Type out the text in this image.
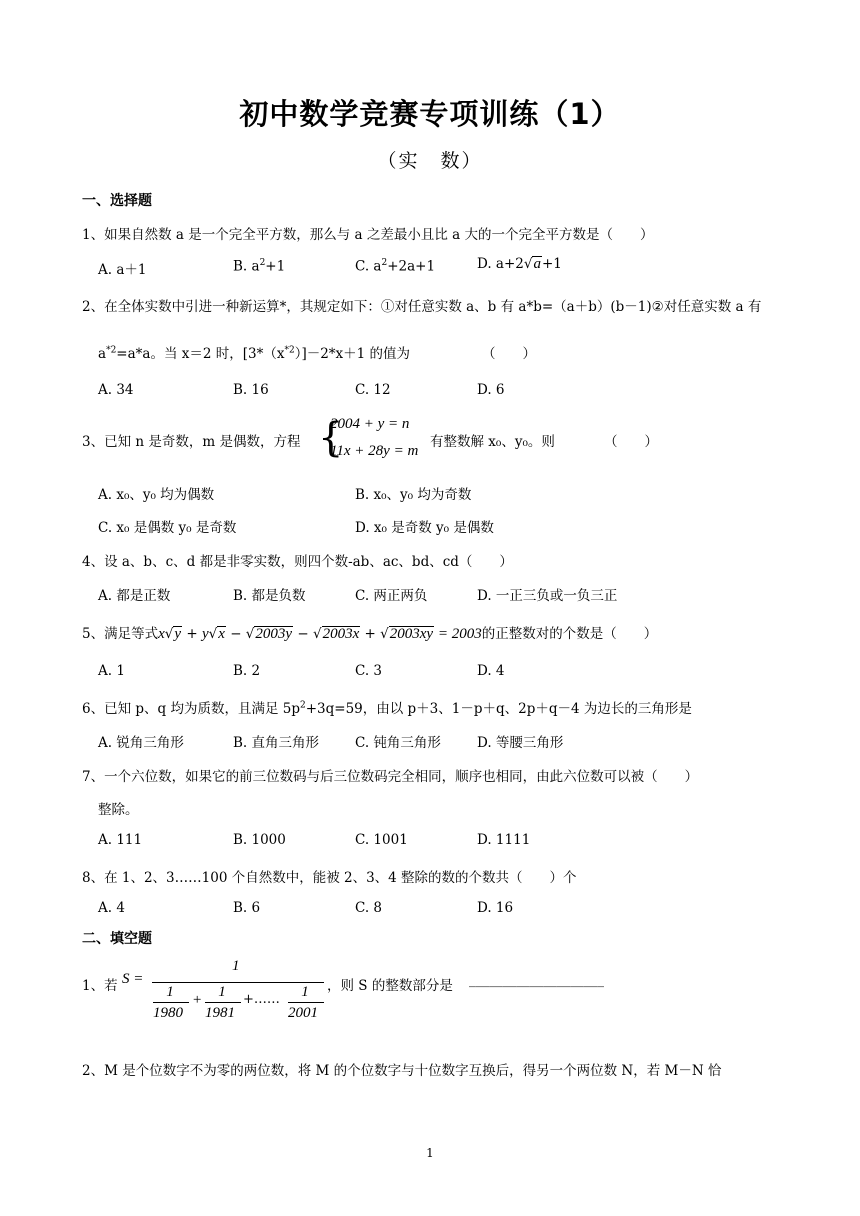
初中数学竞赛专项训练（1）
（实　数）
一、选择题
1、如果自然数 a 是一个完全平方数，那么与 a 之差最小且比 a 大的一个完全平方数是（　　）
A. a＋1	B. $a^2+1$	C. $a^2+2a+1$	D. a+2√a+1
2、在全体实数中引进一种新运算*，其规定如下：①对任意实数 a、b 有 a*b=（a＋b）(b－1)②对任意实数 a 有
$a^{*2}=a*a$。当 x＝2 时，$[3*(x^{*2})]-2*x+1$ 的值为	（　　）
A. 34	B. 16	C. 12	D. 6
3、已知 n 是奇数，m 是偶数，方程 {
2004 + y = n
11x + 28y = m
有整数解 x₀、y₀。则	（　　）
A. x₀、y₀ 均为偶数	B. x₀、y₀ 均为奇数
C. x₀ 是偶数 y₀ 是奇数	D. x₀ 是奇数 y₀ 是偶数
4、设 a、b、c、d 都是非零实数，则四个数-ab、ac、bd、cd（　　）
A. 都是正数	B. 都是负数	C. 两正两负	D. 一正三负或一负三正
5、满足等式x√y + y√x − √2003y − √2003x + √2003xy = 2003的正整数对的个数是（　　）
A. 1	B. 2	C. 3	D. 4
6、已知 p、q 均为质数，且满足 $5p^2+3q=59$，由以 p＋3、1－p＋q、2p＋q－4 为边长的三角形是
A. 锐角三角形	B. 直角三角形	C. 钝角三角形	D. 等腰三角形
7、一个六位数，如果它的前三位数码与后三位数码完全相同，顺序也相同，由此六位数可以被（　　）
整除。
A. 111	B. 1000	C. 1001	D. 1111
8、在 1、2、3……100 个自然数中，能被 2、3、4 整除的数的个数共（　　）个
A. 4	B. 6	C. 8	D. 16
二、填空题
1、若 S =
1
1
1980
+	1
1981
+……	1
2001
，则 S 的整数部分是 ____________________
2、M 是个位数字不为零的两位数，将 M 的个位数字与十位数字互换后，得另一个两位数 N，若 M－N 恰
1
